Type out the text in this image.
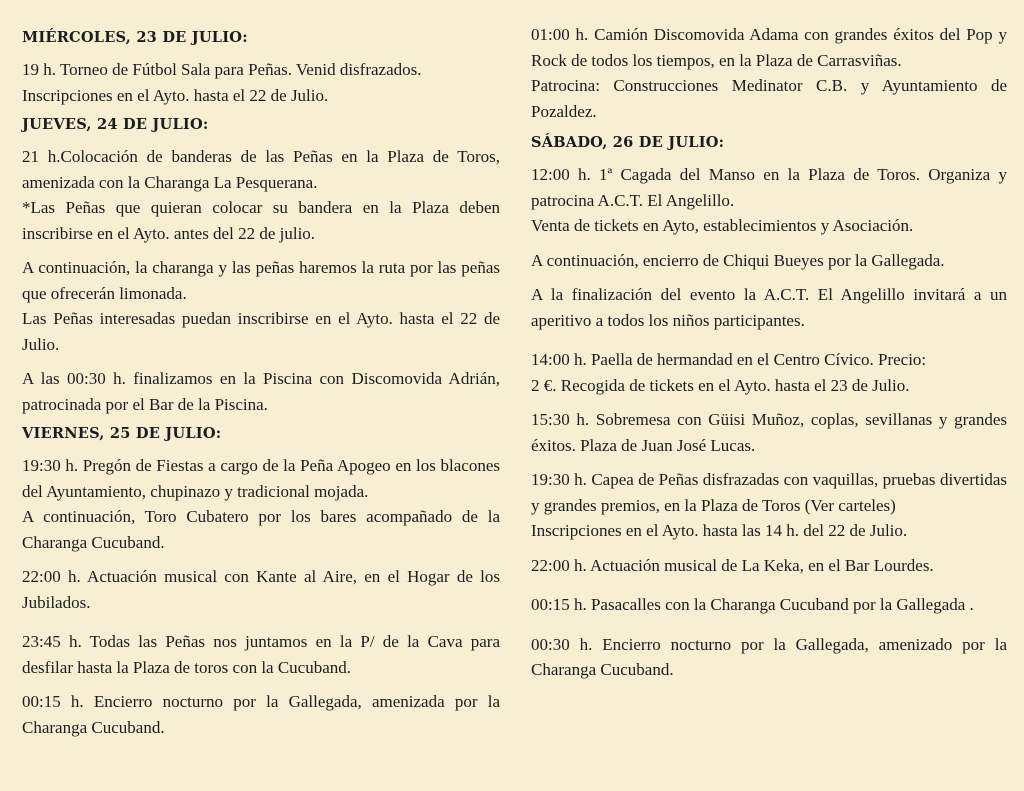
MIÉRCOLES, 23 DE JULIO:

19 h. Torneo de Fútbol Sala para Peñas. Venid disfrazados.
Inscripciones en el Ayto. hasta el 22 de Julio.

JUEVES, 24 DE JULIO:

21 h.Colocación de banderas de las Peñas en la Plaza de Toros, amenizada con la Charanga La Pesquerana.
*Las Peñas que quieran colocar su bandera en la Plaza deben inscribirse en el Ayto. antes del 22 de julio.

A continuación, la charanga y las peñas haremos la ruta por las peñas que ofrecerán limonada.
Las Peñas interesadas puedan inscribirse en el Ayto. hasta el 22 de Julio.

A las 00:30 h. finalizamos en la Piscina con Discomovida Adrián, patrocinada por el Bar de la Piscina.

VIERNES, 25 DE JULIO:

19:30 h. Pregón de Fiestas a cargo de la Peña Apogeo en los blacones del Ayuntamiento, chupinazo y tradicional mojada.
A continuación, Toro Cubatero por los bares acompañado de la Charanga Cucuband.

22:00 h. Actuación musical con Kante al Aire, en el Hogar de los Jubilados.

23:45 h. Todas las Peñas nos juntamos en la P/ de la Cava para desfilar hasta la Plaza de toros con la Cucuband.

00:15 h. Encierro nocturno por la Gallegada, amenizada por la Charanga Cucuband.

01:00 h. Camión Discomovida Adama con grandes éxitos del Pop y Rock de todos los tiempos, en la Plaza de Carrasviñas.
Patrocina: Construcciones Medinator C.B. y Ayuntamiento de Pozaldez.

SÁBADO, 26 DE JULIO:

12:00 h. 1ª Cagada del Manso en la Plaza de Toros. Organiza y patrocina A.C.T. El Angelillo.
Venta de tickets en Ayto, establecimientos y Asociación.

A continuación, encierro de Chiqui Bueyes por la Gallegada.

A la finalización del evento la A.C.T. El Angelillo invitará a un aperitivo a todos los niños participantes.

14:00 h. Paella de hermandad en el Centro Cívico. Precio:
2 €. Recogida de tickets en el Ayto. hasta el 23 de Julio.

15:30 h. Sobremesa con Güisi Muñoz, coplas, sevillanas y grandes éxitos. Plaza de Juan José Lucas.

19:30 h. Capea de Peñas disfrazadas con vaquillas, pruebas divertidas y grandes premios, en la Plaza de Toros (Ver carteles)
Inscripciones en el Ayto. hasta las 14 h. del 22 de Julio.

22:00 h. Actuación musical de La Keka, en el Bar Lourdes.

00:15 h. Pasacalles con la Charanga Cucuband por la Gallegada .

00:30 h. Encierro nocturno por la Gallegada, amenizado por la Charanga Cucuband.
